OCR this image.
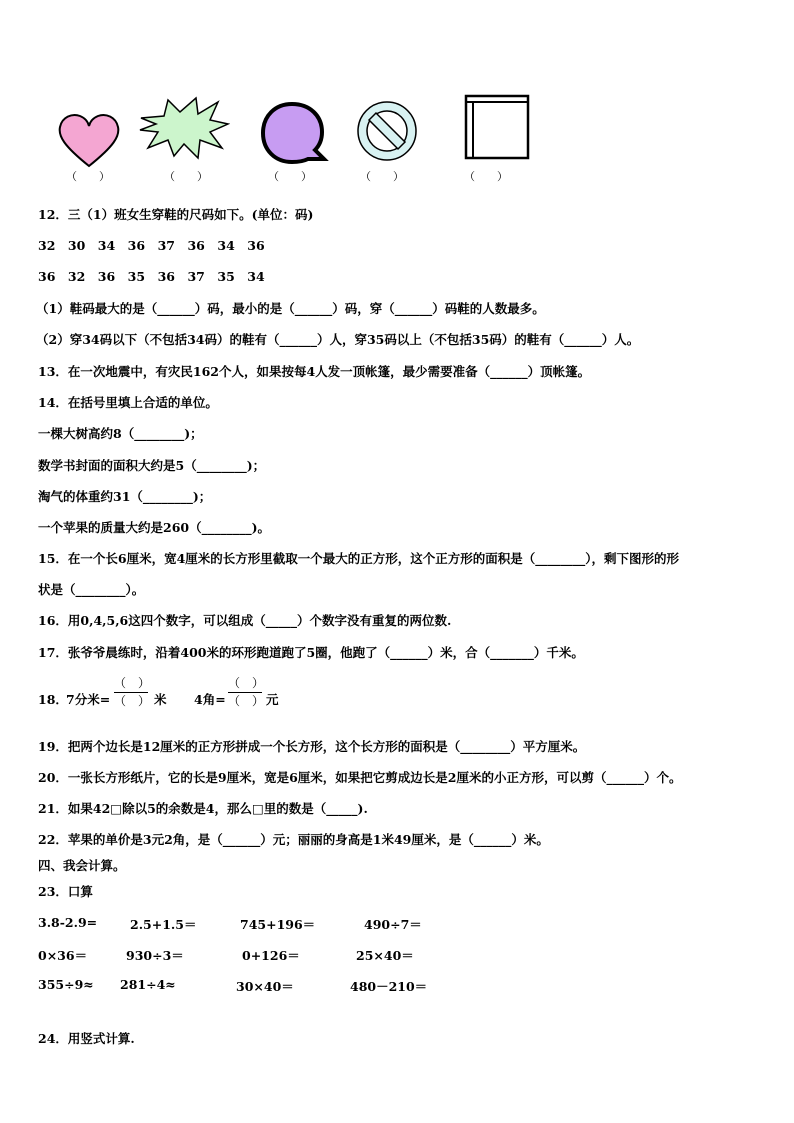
（　　）	（　　）	（　　）	（　　）	（　　）
12．三（1）班女生穿鞋的尺码如下。(单位：码)
32　30　34　36　37　36　34　36
36　32　36　35　36　37　35　34
（1）鞋码最大的是（______）码，最小的是（______）码，穿（______）码鞋的人数最多。
（2）穿34码以下（不包括34码）的鞋有（______）人，穿35码以上（不包括35码）的鞋有（______）人。
13．在一次地震中，有灾民162个人，如果按每4人发一顶帐篷，最少需要准备（______）顶帐篷。
14．在括号里填上合适的单位。
一棵大树高约8（________)；
数学书封面的面积大约是5（________)；
淘气的体重约31（________)；
一个苹果的质量大约是260（________)。
15．在一个长6厘米，宽4厘米的长方形里截取一个最大的正方形，这个正方形的面积是（________），剩下图形的形
状是（________）。
16．用0,4,5,6这四个数字，可以组成（_____）个数字没有重复的两位数.
17．张爷爷晨练时，沿着400米的环形跑道跑了5圈，他跑了（______）米，合（_______）千米。
18．
7分米=
（　）
（　） 米 4角=
（　）
（　） 元
19．把两个边长是12厘米的正方形拼成一个长方形，这个长方形的面积是（________）平方厘米。
20．一张长方形纸片，它的长是9厘米，宽是6厘米，如果把它剪成边长是2厘米的小正方形，可以剪（______）个。
21．如果42□除以5的余数是4，那么□里的数是（_____).
22．苹果的单价是3元2角，是（______）元；丽丽的身高是1米49厘米，是（______）米。
四、我会计算。
23．口算
3.8-2.9=	2.5+1.5＝	745+196＝	490÷7＝
0×36＝	930÷3＝	0+126＝	25×40＝
355÷9≈ 281÷4≈	30×40＝	480－210＝
24．用竖式计算.
